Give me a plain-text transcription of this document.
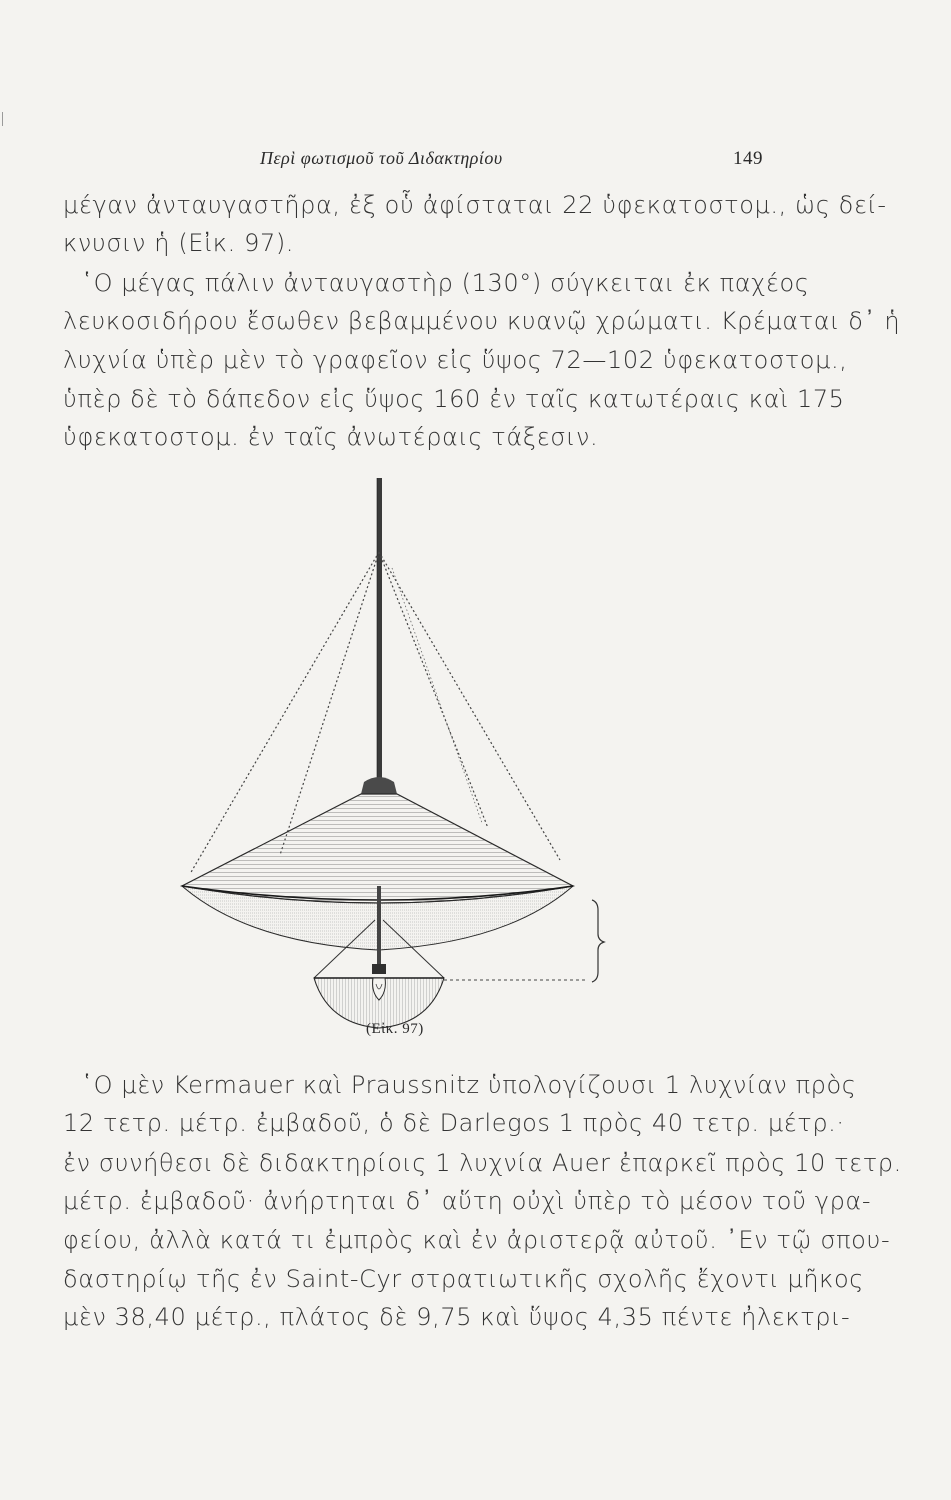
Περὶ φωτισμοῦ τοῦ Διδακτηρίου	149
μέγαν ἀνταυγαστῆρα, ἐξ οὗ ἀφίσταται 22 ὑφεκατοστομ., ὡς δεί-
κνυσιν ἡ (Εἰκ. 97).
῾Ο μέγας πάλιν ἀνταυγαστὴρ (130°) σύγκειται ἐκ παχέος
λευκοσιδήρου ἔσωθεν βεβαμμένου κυανῷ χρώματι. Κρέμαται δ᾿ ἡ
λυχνία ὑπὲρ μὲν τὸ γραφεῖον εἰς ὕψος 72—102 ὑφεκατοστομ.,
ὑπὲρ δὲ τὸ δάπεδον εἰς ὕψος 160 ἐν ταῖς κατωτέραις καὶ 175
ὑφεκατοστομ. ἐν ταῖς ἀνωτέραις τάξεσιν.
(Εἰκ. 97)
῾Ο μὲν Kermauer καὶ Praussnitz ὑπολογίζουσι 1 λυχνίαν πρὸς
12 τετρ. μέτρ. ἐμβαδοῦ, ὁ δὲ Darlegos 1 πρὸς 40 τετρ. μέτρ.·
ἐν συνήθεσι δὲ διδακτηρίοις 1 λυχνία Auer ἐπαρκεῖ πρὸς 10 τετρ.
μέτρ. ἐμβαδοῦ· ἀνήρτηται δ᾿ αὕτη οὐχὶ ὑπὲρ τὸ μέσον τοῦ γρα-
φείου, ἀλλὰ κατά τι ἐμπρὸς καὶ ἐν ἀριστερᾷ αὐτοῦ. ᾿Εν τῷ σπου-
δαστηρίῳ τῆς ἐν Saint-Cyr στρατιωτικῆς σχολῆς ἔχοντι μῆκος
μὲν 38,40 μέτρ., πλάτος δὲ 9,75 καὶ ὕψος 4,35 πέντε ἠλεκτρι-
